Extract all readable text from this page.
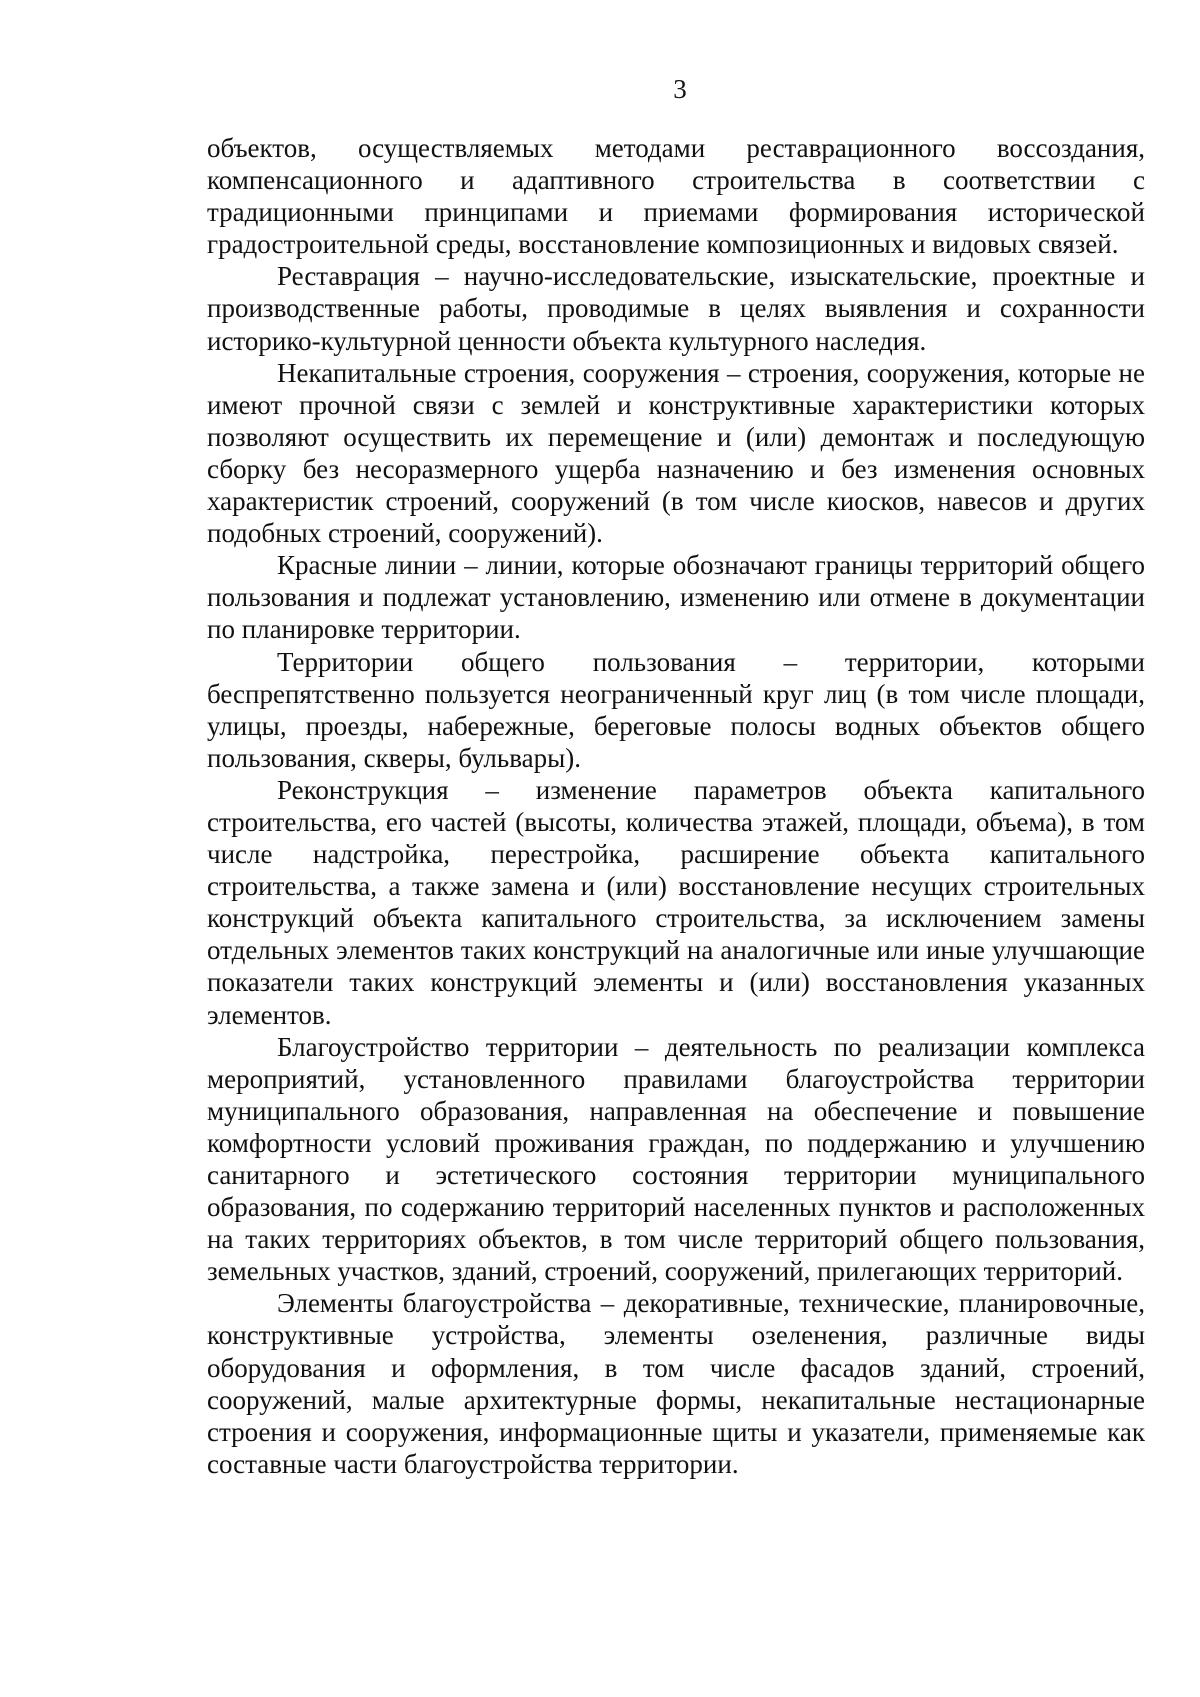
3

объектов, осуществляемых методами реставрационного воссоздания, компенсационного и адаптивного строительства в соответствии с традиционными принципами и приемами формирования исторической градостроительной среды, восстановление композиционных и видовых связей.

Реставрация – научно-исследовательские, изыскательские, проектные и производственные работы, проводимые в целях выявления и сохранности историко-культурной ценности объекта культурного наследия.

Некапитальные строения, сооружения – строения, сооружения, которые не имеют прочной связи с землей и конструктивные характеристики которых позволяют осуществить их перемещение и (или) демонтаж и последующую сборку без несоразмерного ущерба назначению и без изменения основных характеристик строений, сооружений (в том числе киосков, навесов и других подобных строений, сооружений).

Красные линии – линии, которые обозначают границы территорий общего пользования и подлежат установлению, изменению или отмене в документации по планировке территории.

Территории общего пользования – территории, которыми беспрепятственно пользуется неограниченный круг лиц (в том числе площади, улицы, проезды, набережные, береговые полосы водных объектов общего пользования, скверы, бульвары).

Реконструкция – изменение параметров объекта капитального строительства, его частей (высоты, количества этажей, площади, объема), в том числе надстройка, перестройка, расширение объекта капитального строительства, а также замена и (или) восстановление несущих строительных конструкций объекта капитального строительства, за исключением замены отдельных элементов таких конструкций на аналогичные или иные улучшающие показатели таких конструкций элементы и (или) восстановления указанных элементов.

Благоустройство территории – деятельность по реализации комплекса мероприятий, установленного правилами благоустройства территории муниципального образования, направленная на обеспечение и повышение комфортности условий проживания граждан, по поддержанию и улучшению санитарного и эстетического состояния территории муниципального образования, по содержанию территорий населенных пунктов и расположенных на таких территориях объектов, в том числе территорий общего пользования, земельных участков, зданий, строений, сооружений, прилегающих территорий.

Элементы благоустройства – декоративные, технические, планировочные, конструктивные устройства, элементы озеленения, различные виды оборудования и оформления, в том числе фасадов зданий, строений, сооружений, малые архитектурные формы, некапитальные нестационарные строения и сооружения, информационные щиты и указатели, применяемые как составные части благоустройства территории.
